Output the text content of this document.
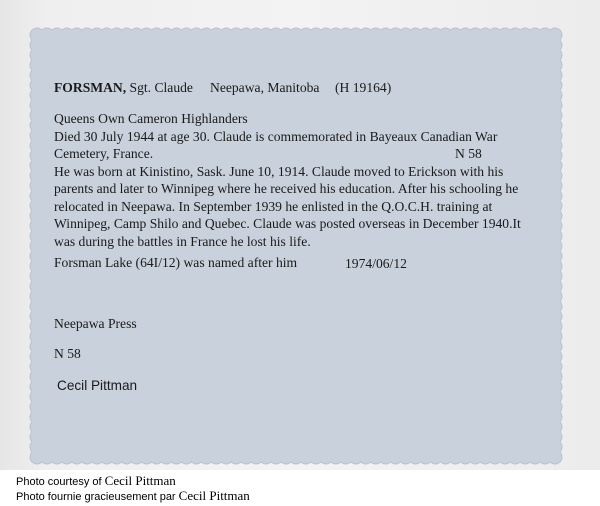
FORSMAN, Sgt. Claude Neepawa, Manitoba (H 19164)
Queens Own Cameron Highlanders
Died 30 July 1944 at age 30. Claude is commemorated in Bayeaux Canadian War Cemetery, France.	N 58
He was born at Kinistino, Sask. June 10, 1914. Claude moved to Erickson with his parents and later to Winnipeg where he received his education. After his schooling he relocated in Neepawa. In September 1939 he enlisted in the Q.O.C.H. training at Winnipeg, Camp Shilo and Quebec. Claude was posted overseas in December 1940.It was during the battles in France he lost his life.
Forsman Lake (64I/12) was named after him	1974/06/12
Neepawa Press
N 58
Cecil Pittman
Photo courtesy of Cecil Pittman
Photo fournie gracieusement par Cecil Pittman
